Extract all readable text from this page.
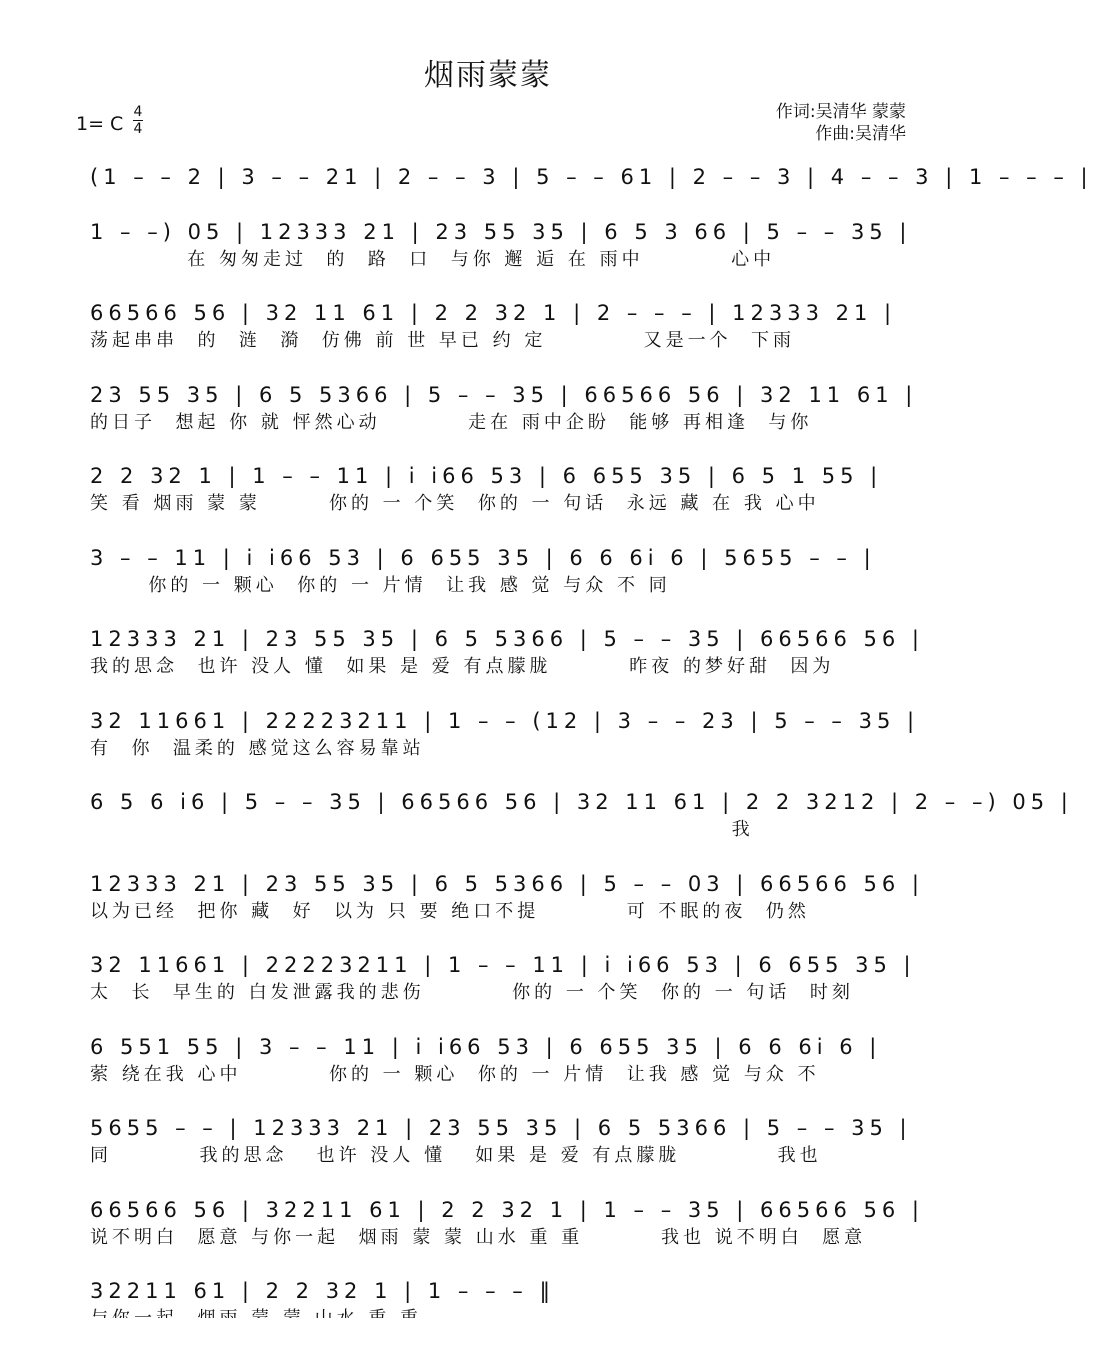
烟雨蒙蒙
作词:吴清华 蒙蒙
作曲:吴清华
1= C
4
4
(1 – – 2 | 3 – – 21 | 2 – – 3 | 5 – – 61 | 2 – – 3 | 4 – – 3 | 1 – – – |
1 – –) 05 | 12333 21 | 23 55 35 | 6 5 3 66 | 5 – – 35 |
在 匆匆走过  的  路  口  与你 邂 逅 在 雨中         心中
66566 56 | 32 11 61 | 2 2 32 1 | 2 – – – | 12333 21 |
荡起串串  的  涟  漪  仿佛 前 世 早已 约 定          又是一个  下雨
23 55 35 | 6 5 5366 | 5 – – 35 | 66566 56 | 32 11 61 |
的日子  想起 你 就 怦然心动         走在 雨中企盼  能够 再相逢  与你
2 2 32 1 | 1 – – 11 | i i66 53 | 6 655 35 | 6 5 1 55 |
笑 看 烟雨 蒙 蒙       你的 一 个笑  你的 一 句话  永远 藏 在 我 心中
3 – – 11 | i i66 53 | 6 655 35 | 6 6 6i 6 | 5655 – – |
你的 一 颗心  你的 一 片情  让我 感 觉 与众 不 同
12333 21 | 23 55 35 | 6 5 5366 | 5 – – 35 | 66566 56 |
我的思念  也许 没人 懂  如果 是 爱 有点朦胧        昨夜 的梦好甜  因为
32 11661 | 22223211 | 1 – – (12 | 3 – – 23 | 5 – – 35 |
有  你  温柔的 感觉这么容易靠站
6 5 6 i6 | 5 – – 35 | 66566 56 | 32 11 61 | 2 2 3212 | 2 – –) 05 |
我
12333 21 | 23 55 35 | 6 5 5366 | 5 – – 03 | 66566 56 |
以为已经  把你 藏  好  以为 只 要 绝口不提         可 不眠的夜  仍然
32 11661 | 22223211 | 1 – – 11 | i i66 53 | 6 655 35 |
太  长  早生的 白发泄露我的悲伤         你的 一 个笑  你的 一 句话  时刻
6 551 55 | 3 – – 11 | i i66 53 | 6 655 35 | 6 6 6i 6 |
萦 绕在我 心中         你的 一 颗心  你的 一 片情  让我 感 觉 与众 不
5655 – – | 12333 21 | 23 55 35 | 6 5 5366 | 5 – – 35 |
同         我的思念   也许 没人 懂   如果 是 爱 有点朦胧          我也
66566 56 | 32211 61 | 2 2 32 1 | 1 – – 35 | 66566 56 |
说不明白  愿意 与你一起  烟雨 蒙 蒙 山水 重 重        我也 说不明白  愿意
32211 61 | 2 2 32 1 | 1 – – – ‖
